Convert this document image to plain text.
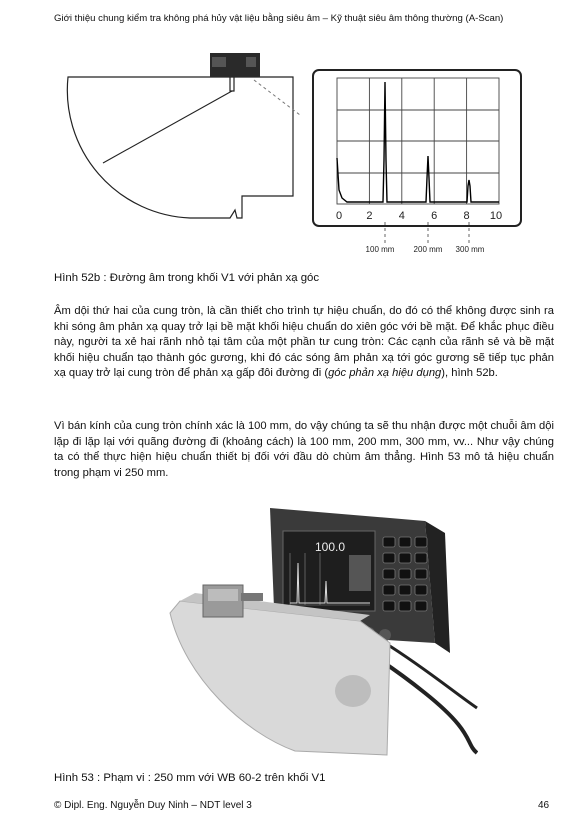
Giới thiệu chung kiểm tra không phá hủy vật liệu bằng siêu âm – Kỹ thuật siêu âm thông thường (A-Scan)
0 2 4 6 8 10
100 mm 200 mm 300 mm
Hình 52b : Đường âm trong khối V1 với phản xạ góc

Âm dội thứ hai của cung tròn, là cần thiết cho trình tự hiệu chuẩn, do đó có thể không được sinh ra khi sóng âm phản xạ quay trở lại bề mặt khối hiệu chuẩn do xiên góc với bề mặt. Để khắc phục điều này, người ta xẻ hai rãnh nhỏ tại tâm của một phần tư cung tròn: Các cạnh của rãnh sẻ và bề mặt khối hiệu chuẩn tạo thành góc gương, khi đó các sóng âm phản xạ tới góc gương sẽ tiếp tục phản xạ quay trở lại cung tròn để phản xạ gấp đôi đường đi (góc phản xạ hiệu dụng), hình 52b.

Vì bán kính của cung tròn chính xác là 100 mm, do vậy chúng ta sẽ thu nhận được một chuỗi âm dội lặp đi lặp lại với quãng đường đi (khoảng cách) là 100 mm, 200 mm, 300 mm, vv... Như vậy chúng ta có thể thực hiện hiệu chuẩn thiết bị đối với đầu dò chùm âm thẳng. Hình 53 mô tả hiệu chuẩn trong phạm vi 250 mm.

100.0
Hình 53 : Phạm vi : 250 mm với WB 60-2 trên khối V1
© Dipl. Eng. Nguyễn Duy Ninh – NDT level 3	46
